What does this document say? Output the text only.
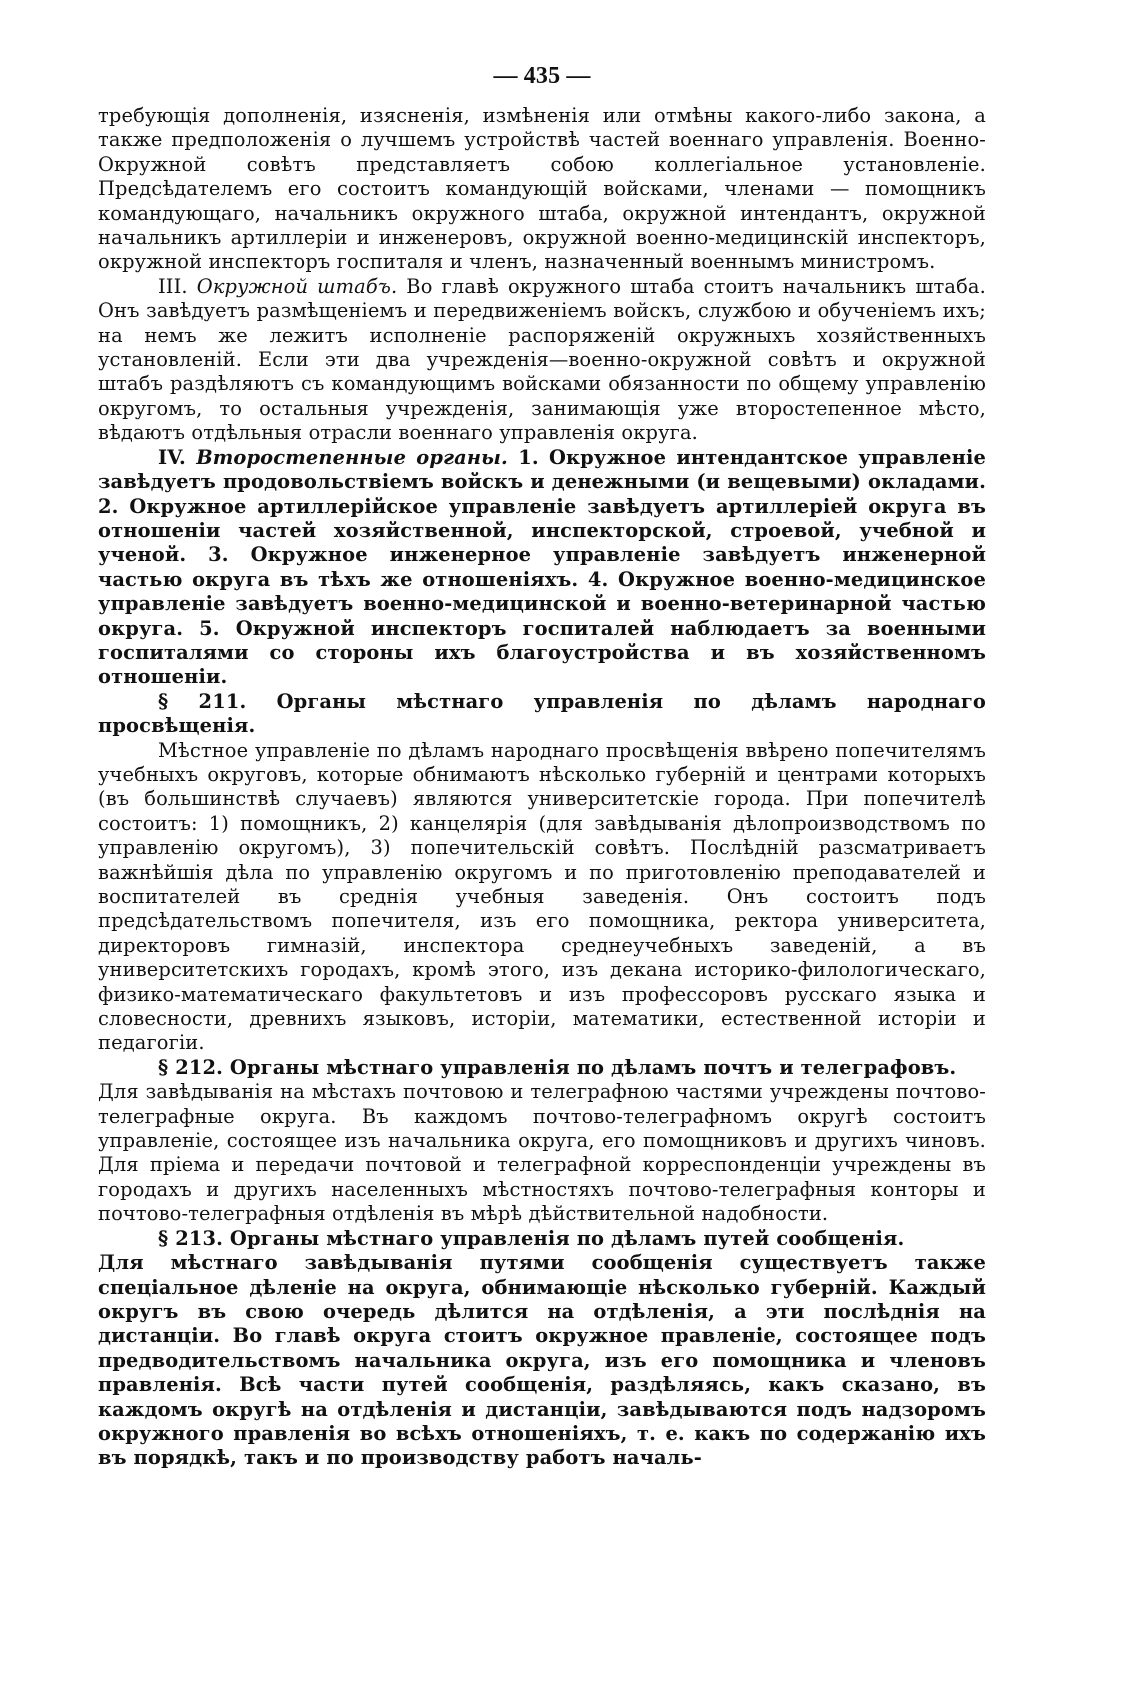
— 435 —

требующія дополненія, изясненія, измѣненія или отмѣны какого-либо закона, а также предположенія о лучшемъ устройствѣ частей военнаго управленія. Военно-Окружной совѣтъ представляетъ собою коллегіальное установленіе. Предсѣдателемъ его состоитъ командующій войсками, членами — помощникъ командующаго, начальникъ окружного штаба, окружной интендантъ, окружной начальникъ артиллеріи и инженеровъ, окружной военно-медицинскій инспекторъ, окружной инспекторъ госпиталя и членъ, назначенный военнымъ министромъ.

III. Окружной штабъ. Во главѣ окружного штаба стоитъ начальникъ штаба. Онъ завѣдуетъ размѣщеніемъ и передвиженіемъ войскъ, службою и обученіемъ ихъ; на немъ же лежитъ исполненіе распоряженій окружныхъ хозяйственныхъ установленій. Если эти два учрежденія—военно-окружной совѣтъ и окружной штабъ раздѣляютъ съ командующимъ войсками обязанности по общему управленію округомъ, то остальныя учрежденія, занимающія уже второстепенное мѣсто, вѣдаютъ отдѣльныя отрасли военнаго управленія округа.

IV. Второстепенные органы. 1. Окружное интендантское управленіе завѣдуетъ продовольствіемъ войскъ и денежными (и вещевыми) окладами. 2. Окружное артиллерійское управленіе завѣдуетъ артиллеріей округа въ отношеніи частей хозяйственной, инспекторской, строевой, учебной и ученой. 3. Окружное инженерное управленіе завѣдуетъ инженерной частью округа въ тѣхъ же отношеніяхъ. 4. Окружное военно-медицинское управленіе завѣдуетъ военно-медицинской и военно-ветеринарной частью округа. 5. Окружной инспекторъ госпиталей наблюдаетъ за военными госпиталями со стороны ихъ благоустройства и въ хозяйственномъ отношеніи.

§ 211. Органы мѣстнаго управленія по дѣламъ народнаго просвѣщенія.

Мѣстное управленіе по дѣламъ народнаго просвѣщенія ввѣрено попечителямъ учебныхъ округовъ, которые обнимаютъ нѣсколько губерній и центрами которыхъ (въ большинствѣ случаевъ) являются университетскіе города. При попечителѣ состоитъ: 1) помощникъ, 2) канцелярія (для завѣдыванія дѣлопроизводствомъ по управленію округомъ), 3) попечительскій совѣтъ. Послѣдній разсматриваетъ важнѣйшія дѣла по управленію округомъ и по приготовленію преподавателей и воспитателей въ среднія учебныя заведенія. Онъ состоитъ подъ предсѣдательствомъ попечителя, изъ его помощника, ректора университета, директоровъ гимназій, инспектора среднеучебныхъ заведеній, а въ университетскихъ городахъ, кромѣ этого, изъ декана историко-филологическаго, физико-математическаго факультетовъ и изъ профессоровъ русскаго языка и словесности, древнихъ языковъ, исторіи, математики, естественной исторіи и педагогіи.

§ 212. Органы мѣстнаго управленія по дѣламъ почтъ и телеграфовъ.

Для завѣдыванія на мѣстахъ почтовою и телеграфною частями учреждены почтово-телеграфные округа. Въ каждомъ почтово-телеграфномъ округѣ состоитъ управленіе, состоящее изъ начальника округа, его помощниковъ и другихъ чиновъ. Для пріема и передачи почтовой и телеграфной корреспонденціи учреждены въ городахъ и другихъ населенныхъ мѣстностяхъ почтово-телеграфныя конторы и почтово-телеграфныя отдѣленія въ мѣрѣ дѣйствительной надобности.

§ 213. Органы мѣстнаго управленія по дѣламъ путей сообщенія.

Для мѣстнаго завѣдыванія путями сообщенія существуетъ также спеціальное дѣленіе на округа, обнимающіе нѣсколько губерній. Каждый округъ въ свою очередь дѣлится на отдѣленія, а эти послѣднія на дистанціи. Во главѣ округа стоитъ окружное правленіе, состоящее подъ предводительствомъ начальника округа, изъ его помощника и членовъ правленія. Всѣ части путей сообщенія, раздѣляясь, какъ сказано, въ каждомъ округѣ на отдѣленія и дистанціи, завѣдываются подъ надзоромъ окружного правленія во всѣхъ отношеніяхъ, т. е. какъ по содержанію ихъ въ порядкѣ, такъ и по производству работъ началь-
